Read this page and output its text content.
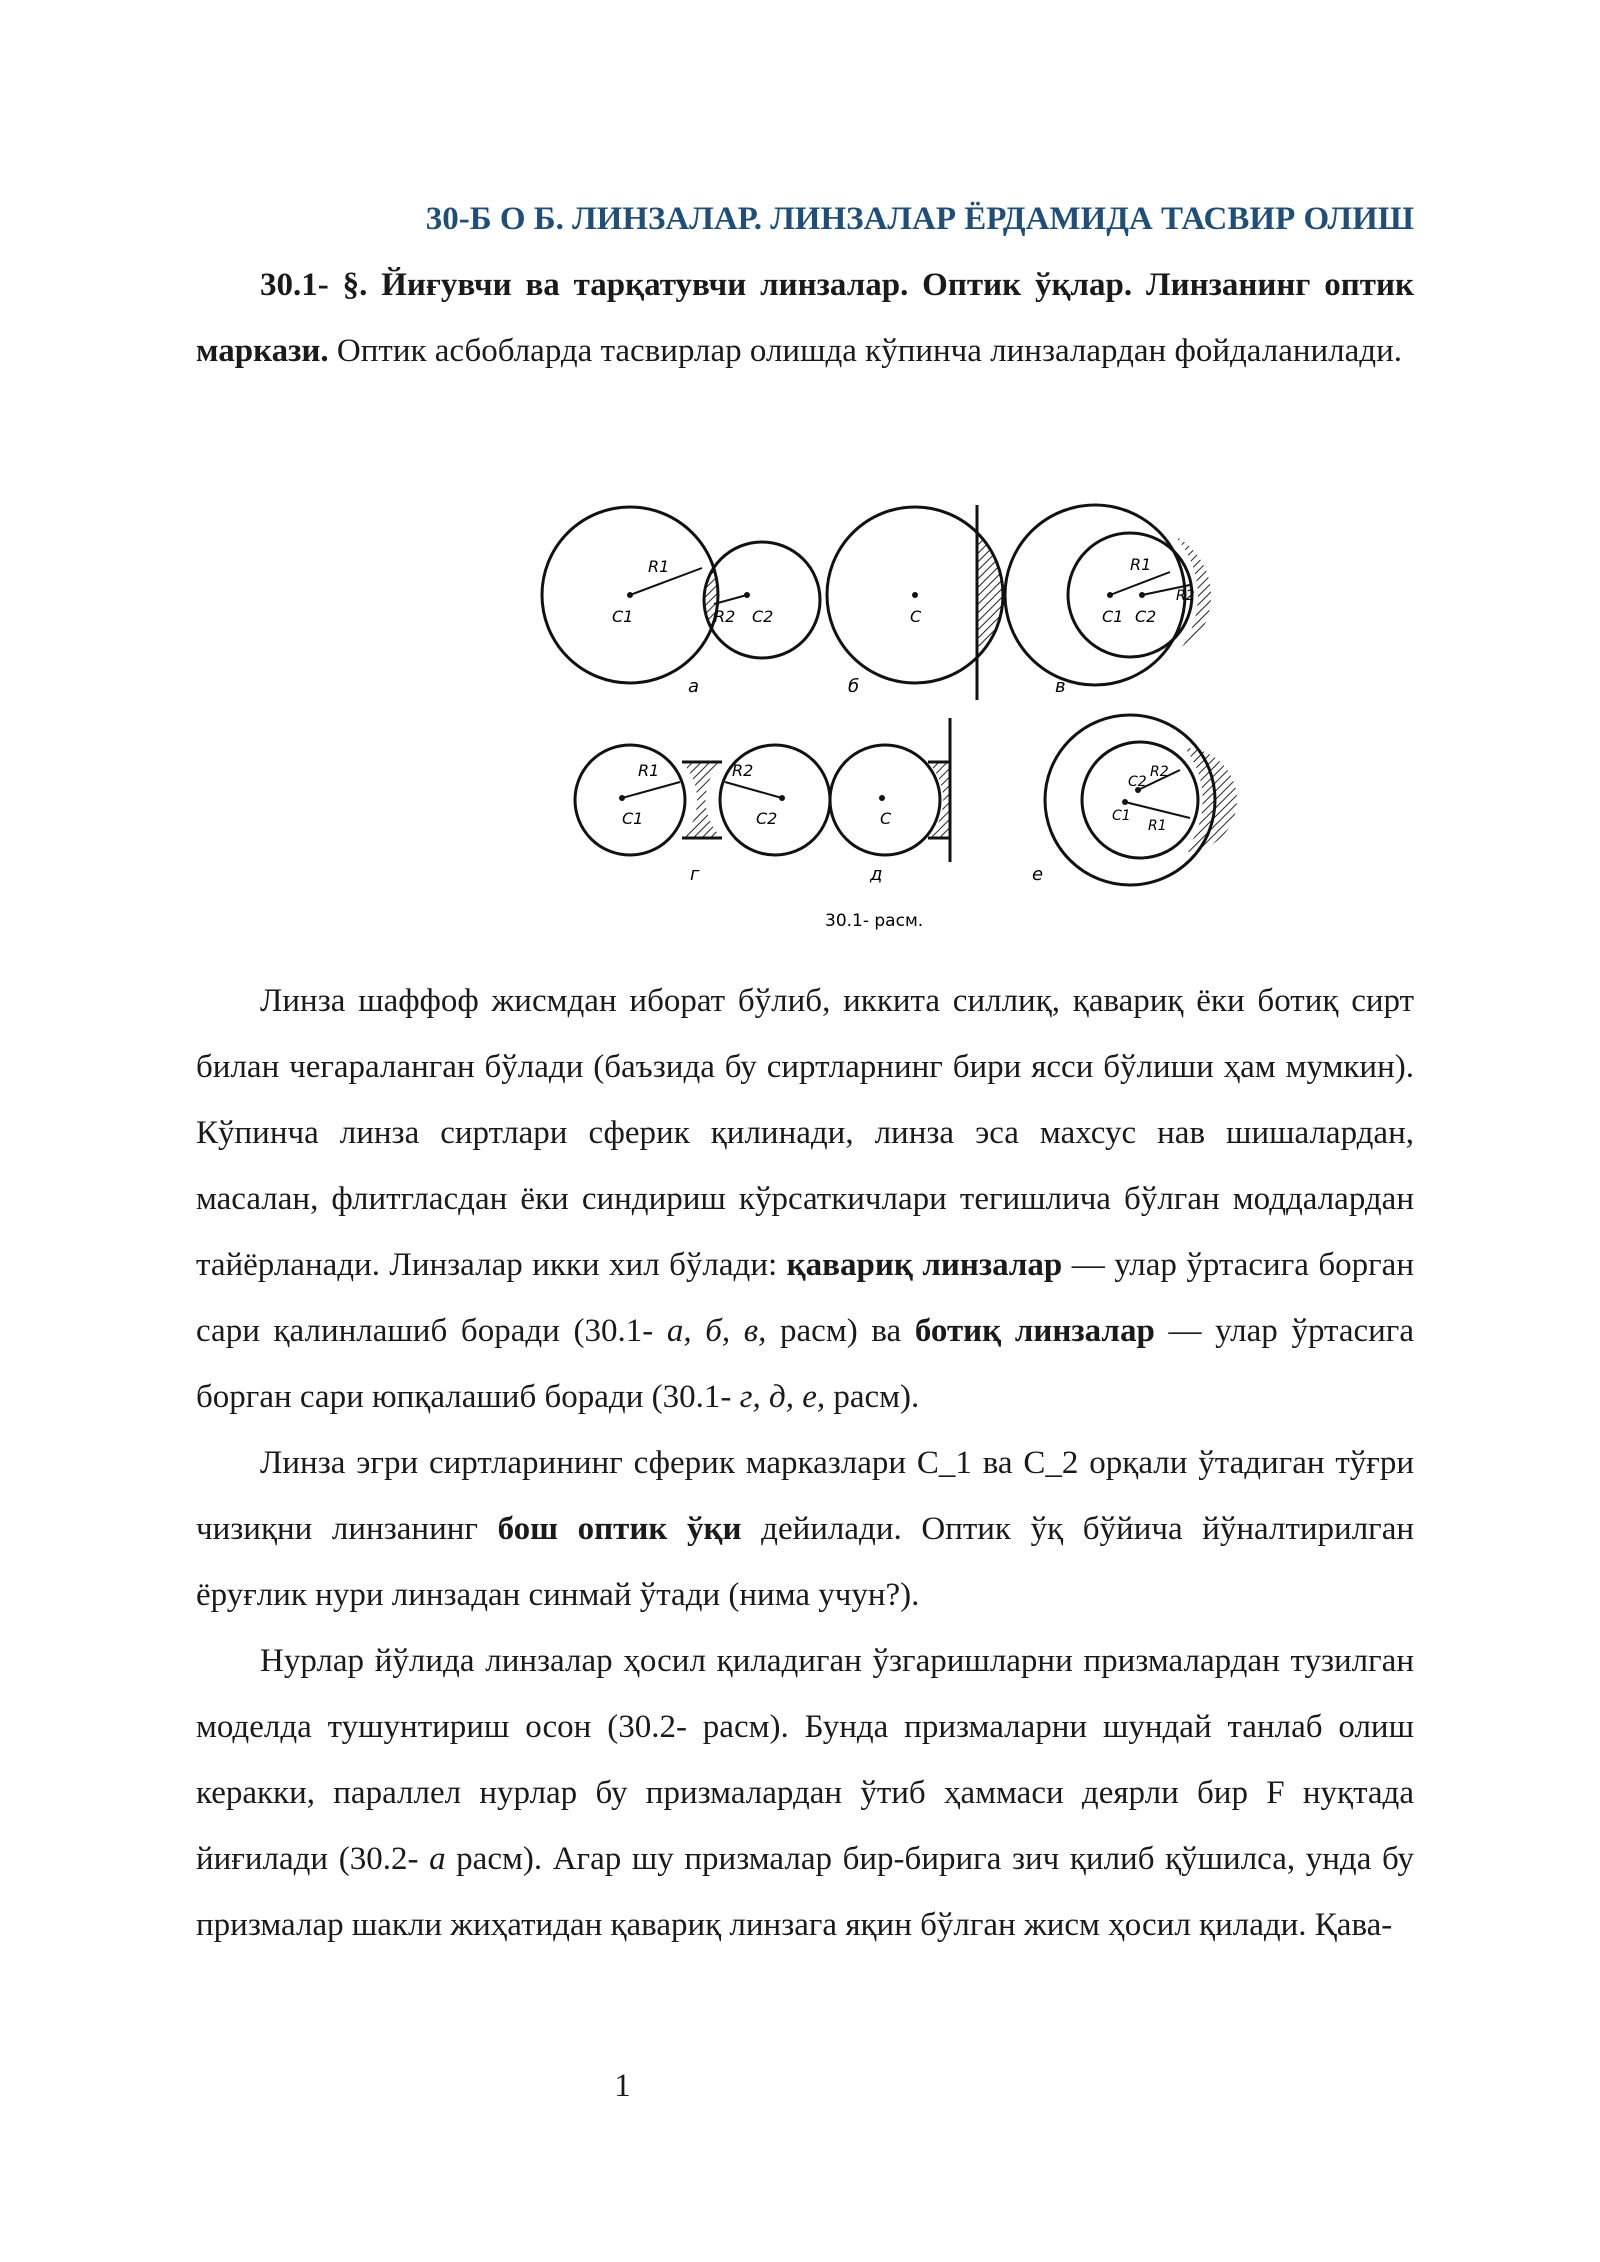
30-Б О Б. ЛИНЗАЛАР. ЛИНЗАЛАР ЁРДАМИДА ТАСВИР ОЛИШ
30.1- §. Йиғувчи ва тарқатувчи линзалар. Оптик ўқлар. Линзанинг оптик маркази. Оптик асбобларда тасвирлар олишда кўпинча линзалардан фойдаланилади.
R1
R2
C1	C2
а
C
б
R1
R2
C1 C2
в
R1	R2
C1	C2
г
C
д
C2
R2
C1
R1
е
30.1- расм.

Линза шаффоф жисмдан иборат бўлиб, иккита силлиқ, қавариқ ёки ботиқ сирт билан чегараланган бўлади (баъзида бу сиртларнинг бири ясси бўлиши ҳам мумкин). Кўпинча линза сиртлари сферик қилинади, линза эса махсус нав шишалардан, масалан, флитгласдан ёки синдириш кўрсаткичлари тегишлича бўлган моддалардан тайёрланади. Линзалар икки хил бўлади: қавариқ линзалар — улар ўртасига борган сари қалинлашиб боради (30.1- а, б, в, расм) ва ботиқ линзалар — улар ўртасига борган сари юпқалашиб боради (30.1- г, д, е, расм).

Линза эгри сиртларининг сферик марказлари C_1 ва C_2 орқали ўтадиган тўғри чизиқни линзанинг бош оптик ўқи дейилади. Оптик ўқ бўйича йўналтирилган ёруғлик нури линзадан синмай ўтади (нима учун?).

Нурлар йўлида линзалар ҳосил қиладиган ўзгаришларни призмалардан тузилган моделда тушунтириш осон (30.2- расм). Бунда призмаларни шундай танлаб олиш керакки, параллел нурлар бу призмалардан ўтиб ҳаммаси деярли бир F нуқтада йиғилади (30.2- а расм). Агар шу призмалар бир-бирига зич қилиб қўшилса, унда бу призмалар шакли жиҳатидан қавариқ линзага яқин бўлган жисм ҳосил қилади. Қава-

1
